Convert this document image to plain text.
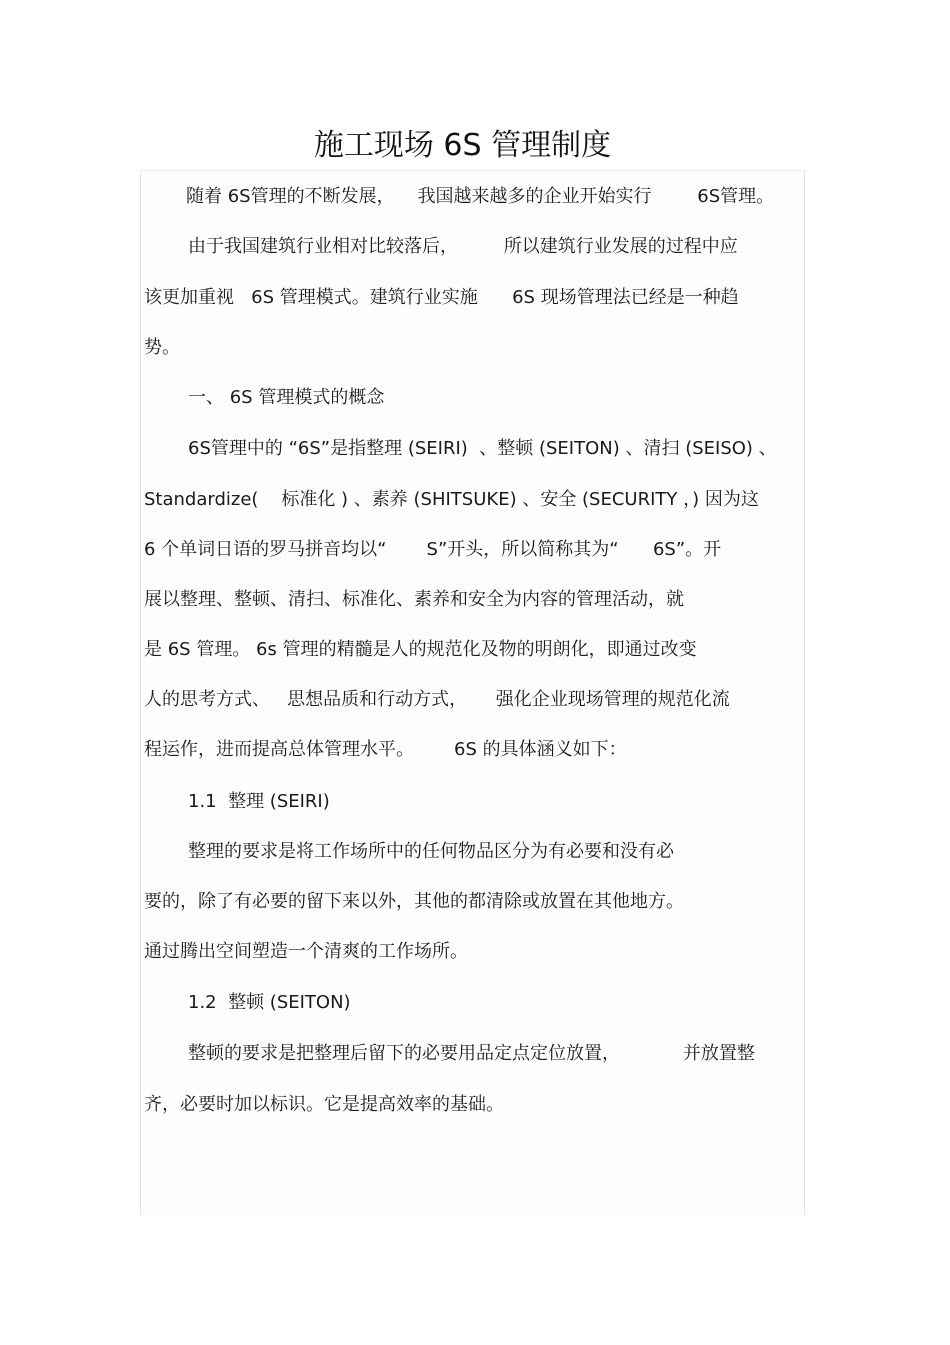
施工现场 6S 管理制度
随着 6S管理的不断发展，    我国越来越多的企业开始实行        6S管理。
由于我国建筑行业相对比较落后，        所以建筑行业发展的过程中应
该更加重视   6S 管理模式。建筑行业实施      6S 现场管理法已经是一种趋
势。
一、 6S 管理模式的概念
6S管理中的 “6S”是指整理 (SEIRI)  、整顿 (SEITON) 、清扫 (SEISO) 、
Standardize(    标准化 ) 、素养 (SHITSUKE) 、安全 (SECURITY ，) 因为这
6 个单词日语的罗马拼音均以“       S”开头，所以简称其为“      6S”。开
展以整理、整顿、清扫、标准化、素养和安全为内容的管理活动，就
是 6S 管理。 6s 管理的精髓是人的规范化及物的明朗化，即通过改变
人的思考方式、   思想品质和行动方式，     强化企业现场管理的规范化流
程运作，进而提高总体管理水平。       6S 的具体涵义如下：
1.1  整理 (SEIRI)
整理的要求是将工作场所中的任何物品区分为有必要和没有必
要的，除了有必要的留下来以外，其他的都清除或放置在其他地方。
通过腾出空间塑造一个清爽的工作场所。
1.2  整顿 (SEITON)
整顿的要求是把整理后留下的必要用品定点定位放置，           并放置整
齐，必要时加以标识。它是提高效率的基础。
